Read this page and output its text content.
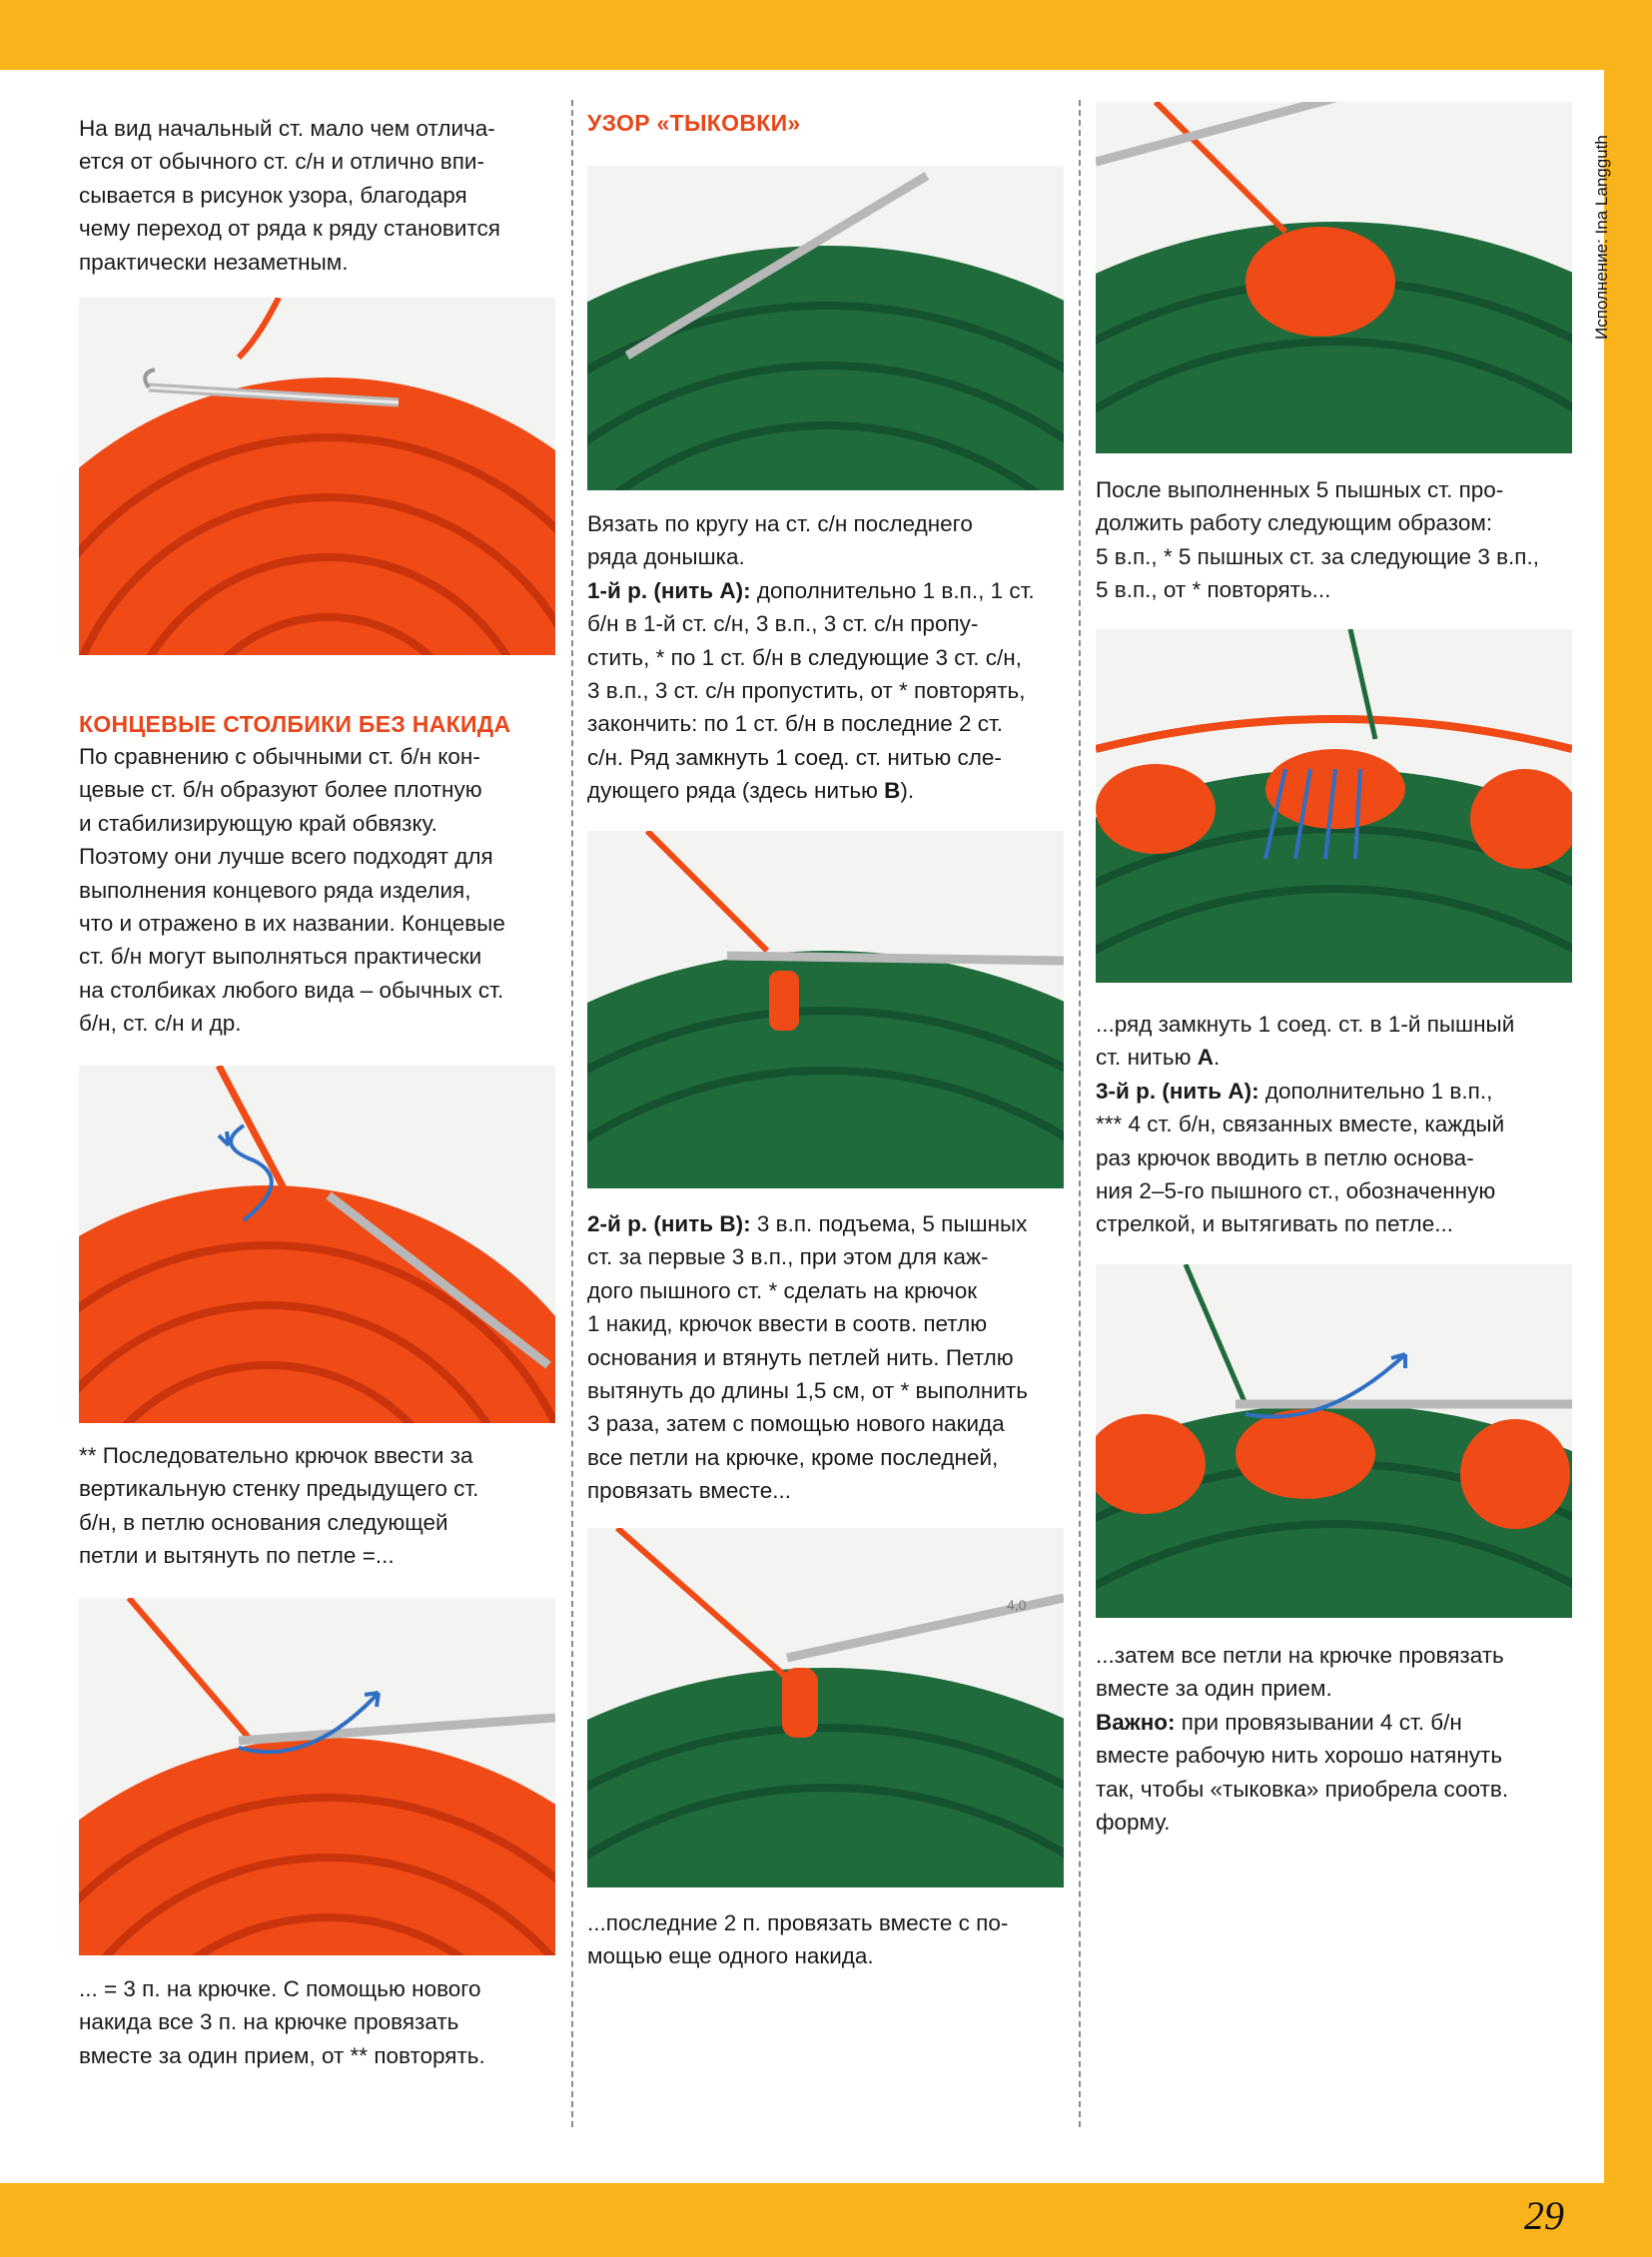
29
Исполнение: Ina Langguth

На вид начальный ст. мало чем отлича-

ется от обычного ст. с/н и отлично впи-

сывается в рисунок узора, благодаря

чему переход от ряда к ряду становится

практически незаметным.

КОНЦЕВЫЕ СТОЛБИКИ БЕЗ НАКИДА

По сравнению с обычными ст. б/н кон-

цевые ст. б/н образуют более плотную

и стабилизирующую край обвязку.

Поэтому они лучше всего подходят для

выполнения концевого ряда изделия,

что и отражено в их названии. Концевые

ст. б/н могут выполняться практически

на столбиках любого вида – обычных ст.

б/н, ст. с/н и др.

** Последовательно крючок ввести за

вертикальную стенку предыдущего ст.

б/н, в петлю основания следующей

петли и вытянуть по петле =...

... = 3 п. на крючке. С помощью нового

накида все 3 п. на крючке провязать

вместе за один прием, от ** повторять.

УЗОР «ТЫКОВКИ»

Вязать по кругу на ст. с/н последнего

ряда донышка.

1-й р. (нить А): дополнительно 1 в.п., 1 ст.

б/н в 1-й ст. с/н, 3 в.п., 3 ст. с/н пропу-

стить, * по 1 ст. б/н в следующие 3 ст. с/н,

3 в.п., 3 ст. с/н пропустить, от * повторять,

закончить: по 1 ст. б/н в последние 2 ст.

с/н. Ряд замкнуть 1 соед. ст. нитью сле-

дующего ряда (здесь нитью В).

2-й р. (нить В): 3 в.п. подъема, 5 пышных

ст. за первые 3 в.п., при этом для каж-

дого пышного ст. * сделать на крючок

1 накид, крючок ввести в соотв. петлю

основания и втянуть петлей нить. Петлю

вытянуть до длины 1,5 см, от * выполнить

3 раза, затем с помощью нового накида

все петли на крючке, кроме последней,

провязать вместе...

4,0

...последние 2 п. провязать вместе с по-

мощью еще одного накида.

После выполненных 5 пышных ст. про-

должить работу следующим образом:

5 в.п., * 5 пышных ст. за следующие 3 в.п.,

5 в.п., от * повторять...

...ряд замкнуть 1 соед. ст. в 1-й пышный

ст. нитью А.

3-й р. (нить А): дополнительно 1 в.п.,

*** 4 ст. б/н, связанных вместе, каждый

раз крючок вводить в петлю основа-

ния 2–5-го пышного ст., обозначенную

стрелкой, и вытягивать по петле...

...затем все петли на крючке провязать

вместе за один прием.

Важно: при провязывании 4 ст. б/н

вместе рабочую нить хорошо натянуть

так, чтобы «тыковка» приобрела соотв.

форму.
